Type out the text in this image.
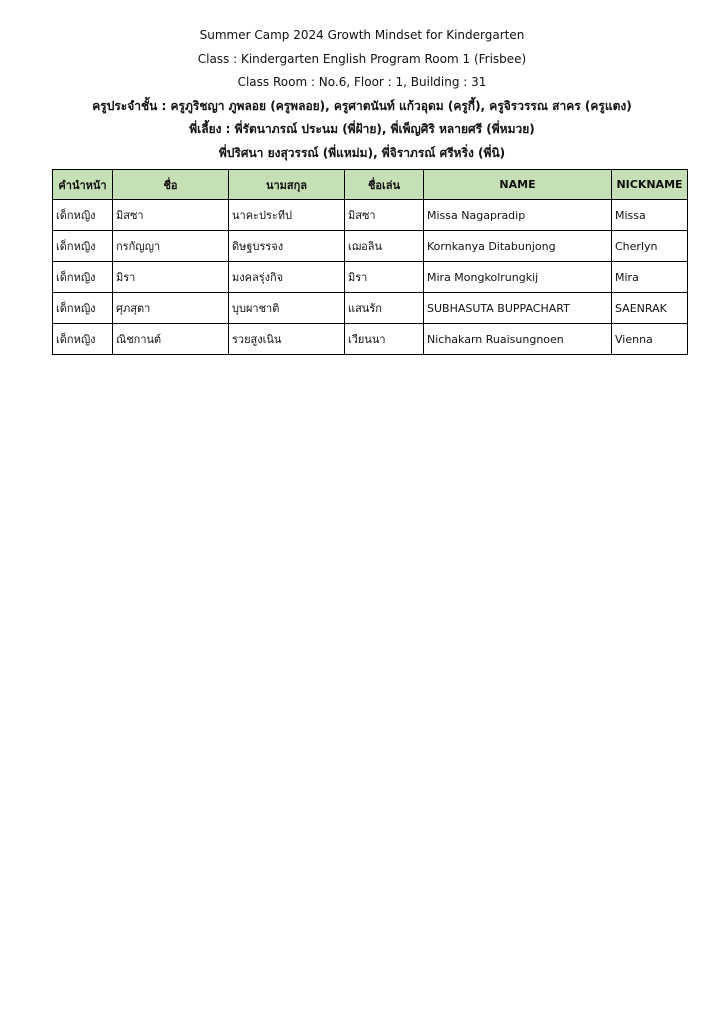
Summer Camp 2024 Growth Mindset for Kindergarten
Class : Kindergarten English Program Room 1 (Frisbee)
Class Room : No.6, Floor : 1, Building : 31
ครูประจำชั้น : ครูภูริชญา ภูพลอย (ครูพลอย), ครูศาตนันท์ แก้วอุดม (ครูกี้), ครูจิรวรรณ สาคร (ครูแตง)
พี่เลี้ยง : พี่รัตนาภรณ์ ประนม (พี่ฝ้าย), พี่เพ็ญศิริ หลายศรี (พี่หมวย)
พี่ปริศนา ยงสุวรรณ์ (พี่แหม่ม), พี่จิราภรณ์ ศรีหริ่ง (พี่นิ)
คำนำหน้า	ชื่อ	นามสกุล	ชื่อเล่น	NAME	NICKNAME
เด็กหญิง	มิสซา	นาคะประทีป	มิสซา	Missa Nagapradip	Missa
เด็กหญิง	กรกัญญา	ดิษฐบรรจง	เฌอลิน	Kornkanya Ditabunjong	Cherlyn
เด็กหญิง	มิรา	มงคลรุ่งกิจ	มิรา	Mira Mongkolrungkij	Mira
เด็กหญิง	ศุภสุตา	บุบผาชาติ	แสนรัก	SUBHASUTA BUPPACHART	SAENRAK
เด็กหญิง	ณิชกานต์	รวยสูงเนิน	เวียนนา	Nichakarn Ruaisungnoen	Vienna
